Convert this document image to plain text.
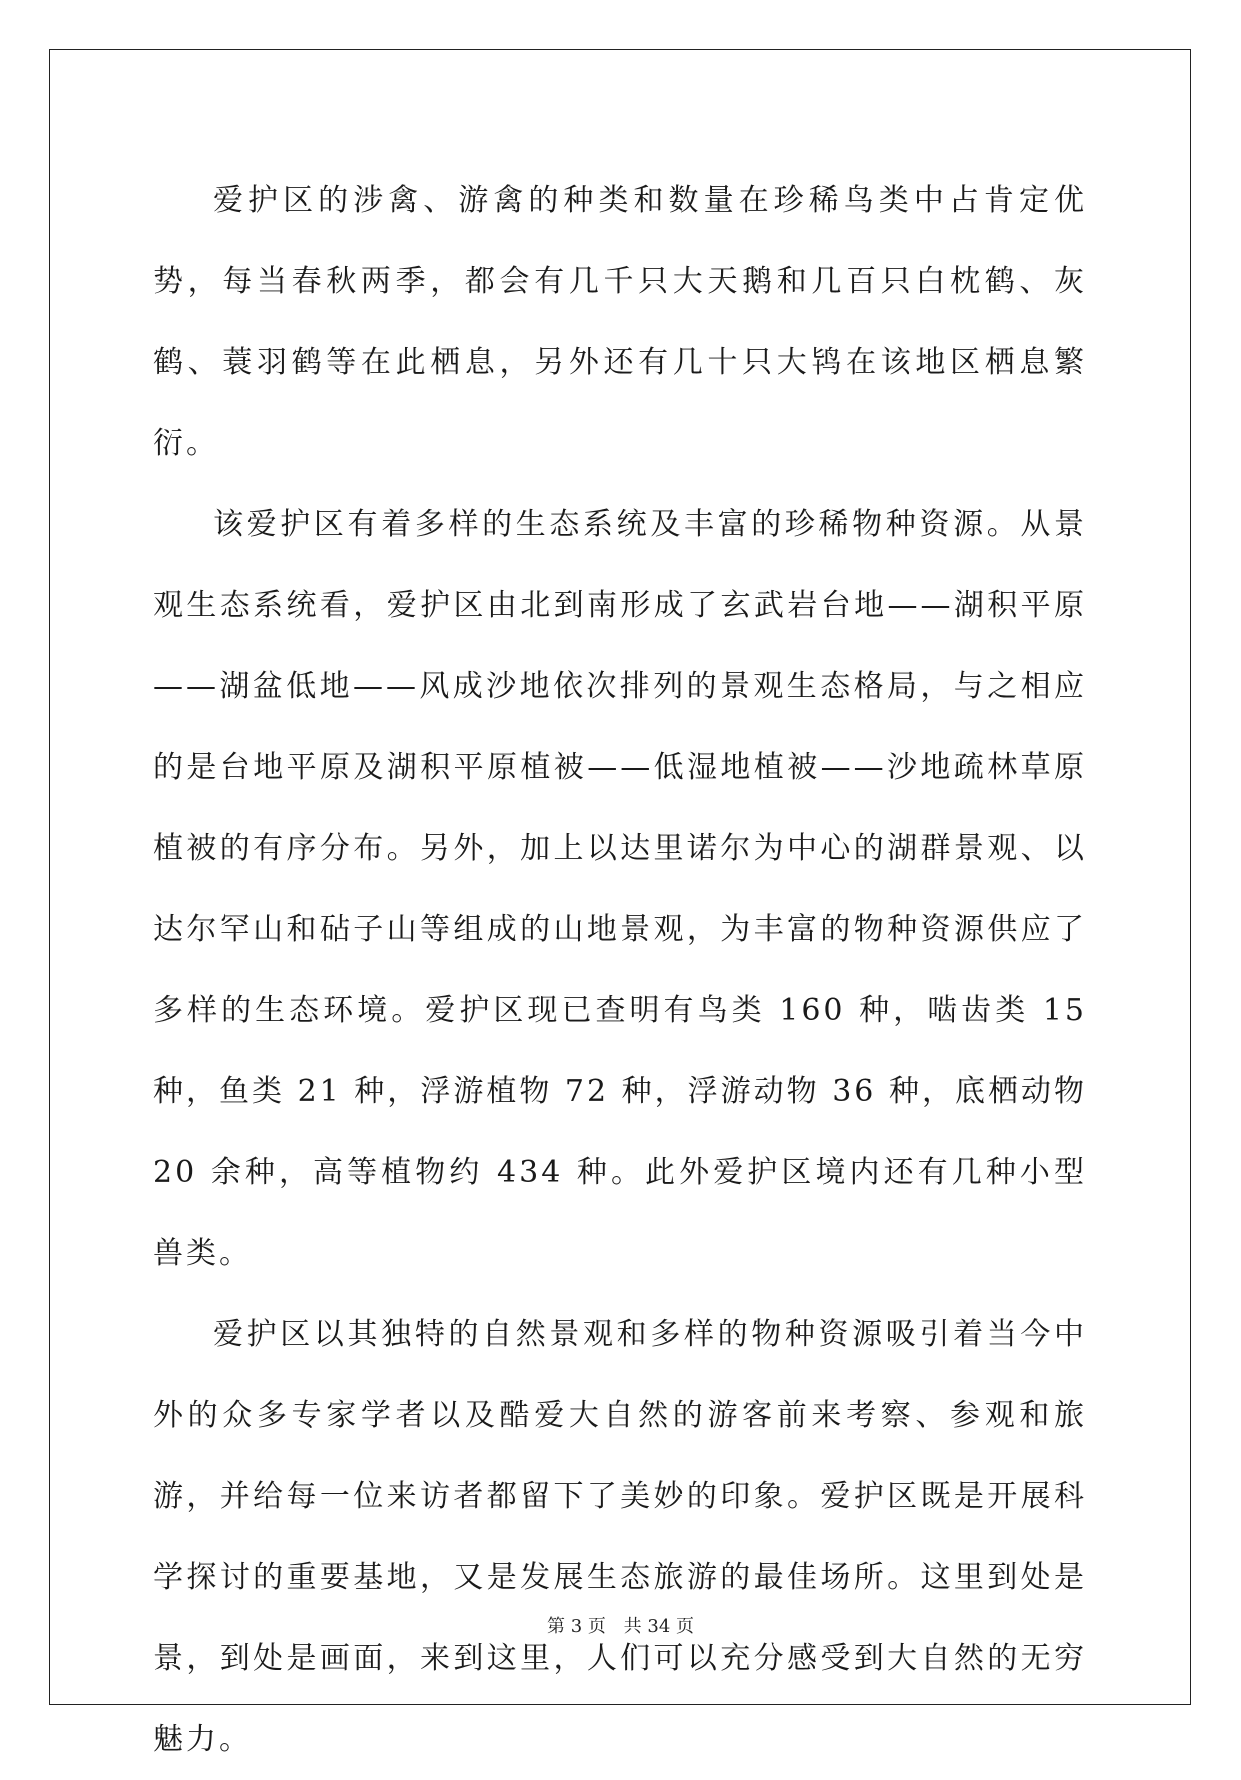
爱护区的涉禽、游禽的种类和数量在珍稀鸟类中占肯定优势，每当春秋两季，都会有几千只大天鹅和几百只白枕鹤、灰鹤、蓑羽鹤等在此栖息，另外还有几十只大鸨在该地区栖息繁衍。

该爱护区有着多样的生态系统及丰富的珍稀物种资源。从景观生态系统看，爱护区由北到南形成了玄武岩台地——湖积平原——湖盆低地——风成沙地依次排列的景观生态格局，与之相应的是台地平原及湖积平原植被——低湿地植被——沙地疏林草原植被的有序分布。另外，加上以达里诺尔为中心的湖群景观、以达尔罕山和砧子山等组成的山地景观，为丰富的物种资源供应了多样的生态环境。爱护区现已查明有鸟类 160 种，啮齿类 15 种，鱼类 21 种，浮游植物 72 种，浮游动物 36 种，底栖动物 20 余种，高等植物约 434 种。此外爱护区境内还有几种小型兽类。

爱护区以其独特的自然景观和多样的物种资源吸引着当今中外的众多专家学者以及酷爱大自然的游客前来考察、参观和旅游，并给每一位来访者都留下了美妙的印象。爱护区既是开展科学探讨的重要基地，又是发展生态旅游的最佳场所。这里到处是景，到处是画面，来到这里，人们可以充分感受到大自然的无穷魅力。

第 3 页 共 34 页
